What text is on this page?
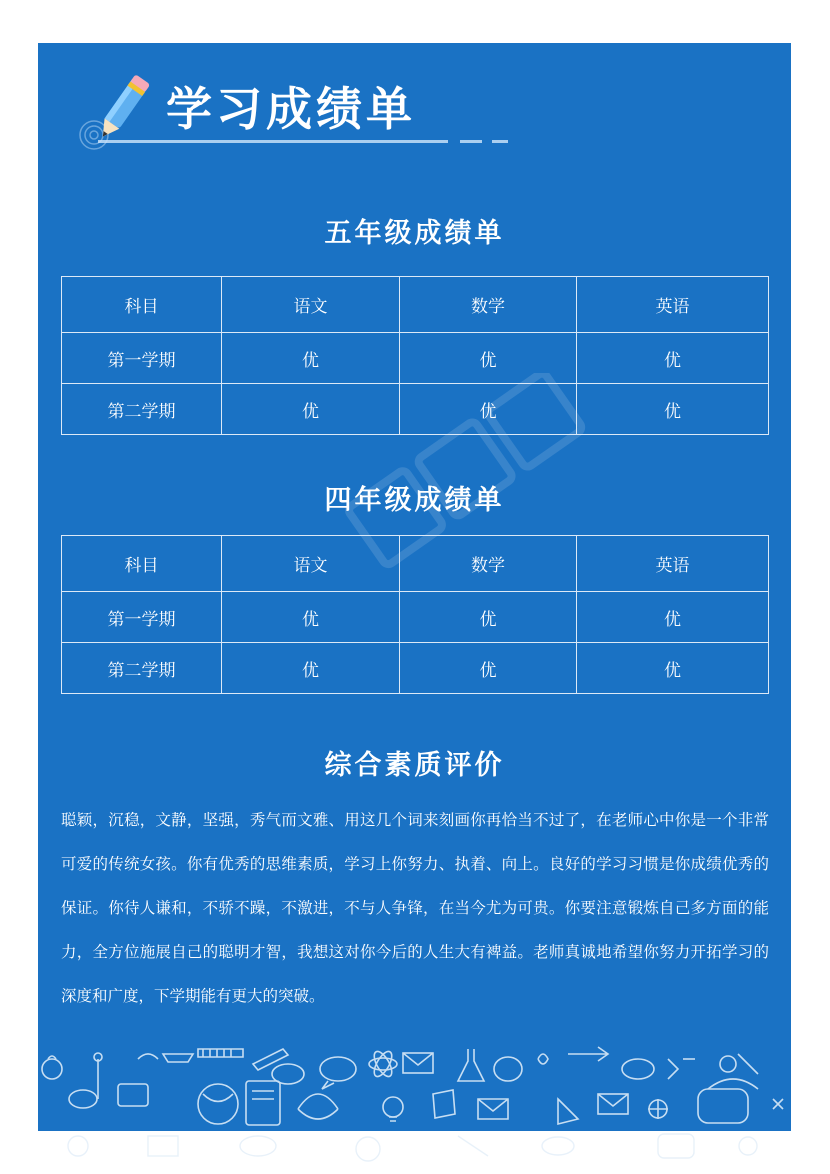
学习成绩单
五年级成绩单
科目	语文	数学	英语
第一学期	优	优	优
第二学期	优	优	优
四年级成绩单
科目	语文	数学	英语
第一学期	优	优	优
第二学期	优	优	优
综合素质评价
聪颖，沉稳，文静，坚强，秀气而文雅、用这几个词来刻画你再恰当不过了，在老师心中你是一个非常可爱的传统女孩。你有优秀的思维素质，学习上你努力、执着、向上。良好的学习习惯是你成绩优秀的保证。你待人谦和，不骄不躁，不激进，不与人争锋，在当今尤为可贵。你要注意锻炼自己多方面的能力，全方位施展自己的聪明才智，我想这对你今后的人生大有裨益。老师真诚地希望你努力开拓学习的深度和广度，下学期能有更大的突破。
